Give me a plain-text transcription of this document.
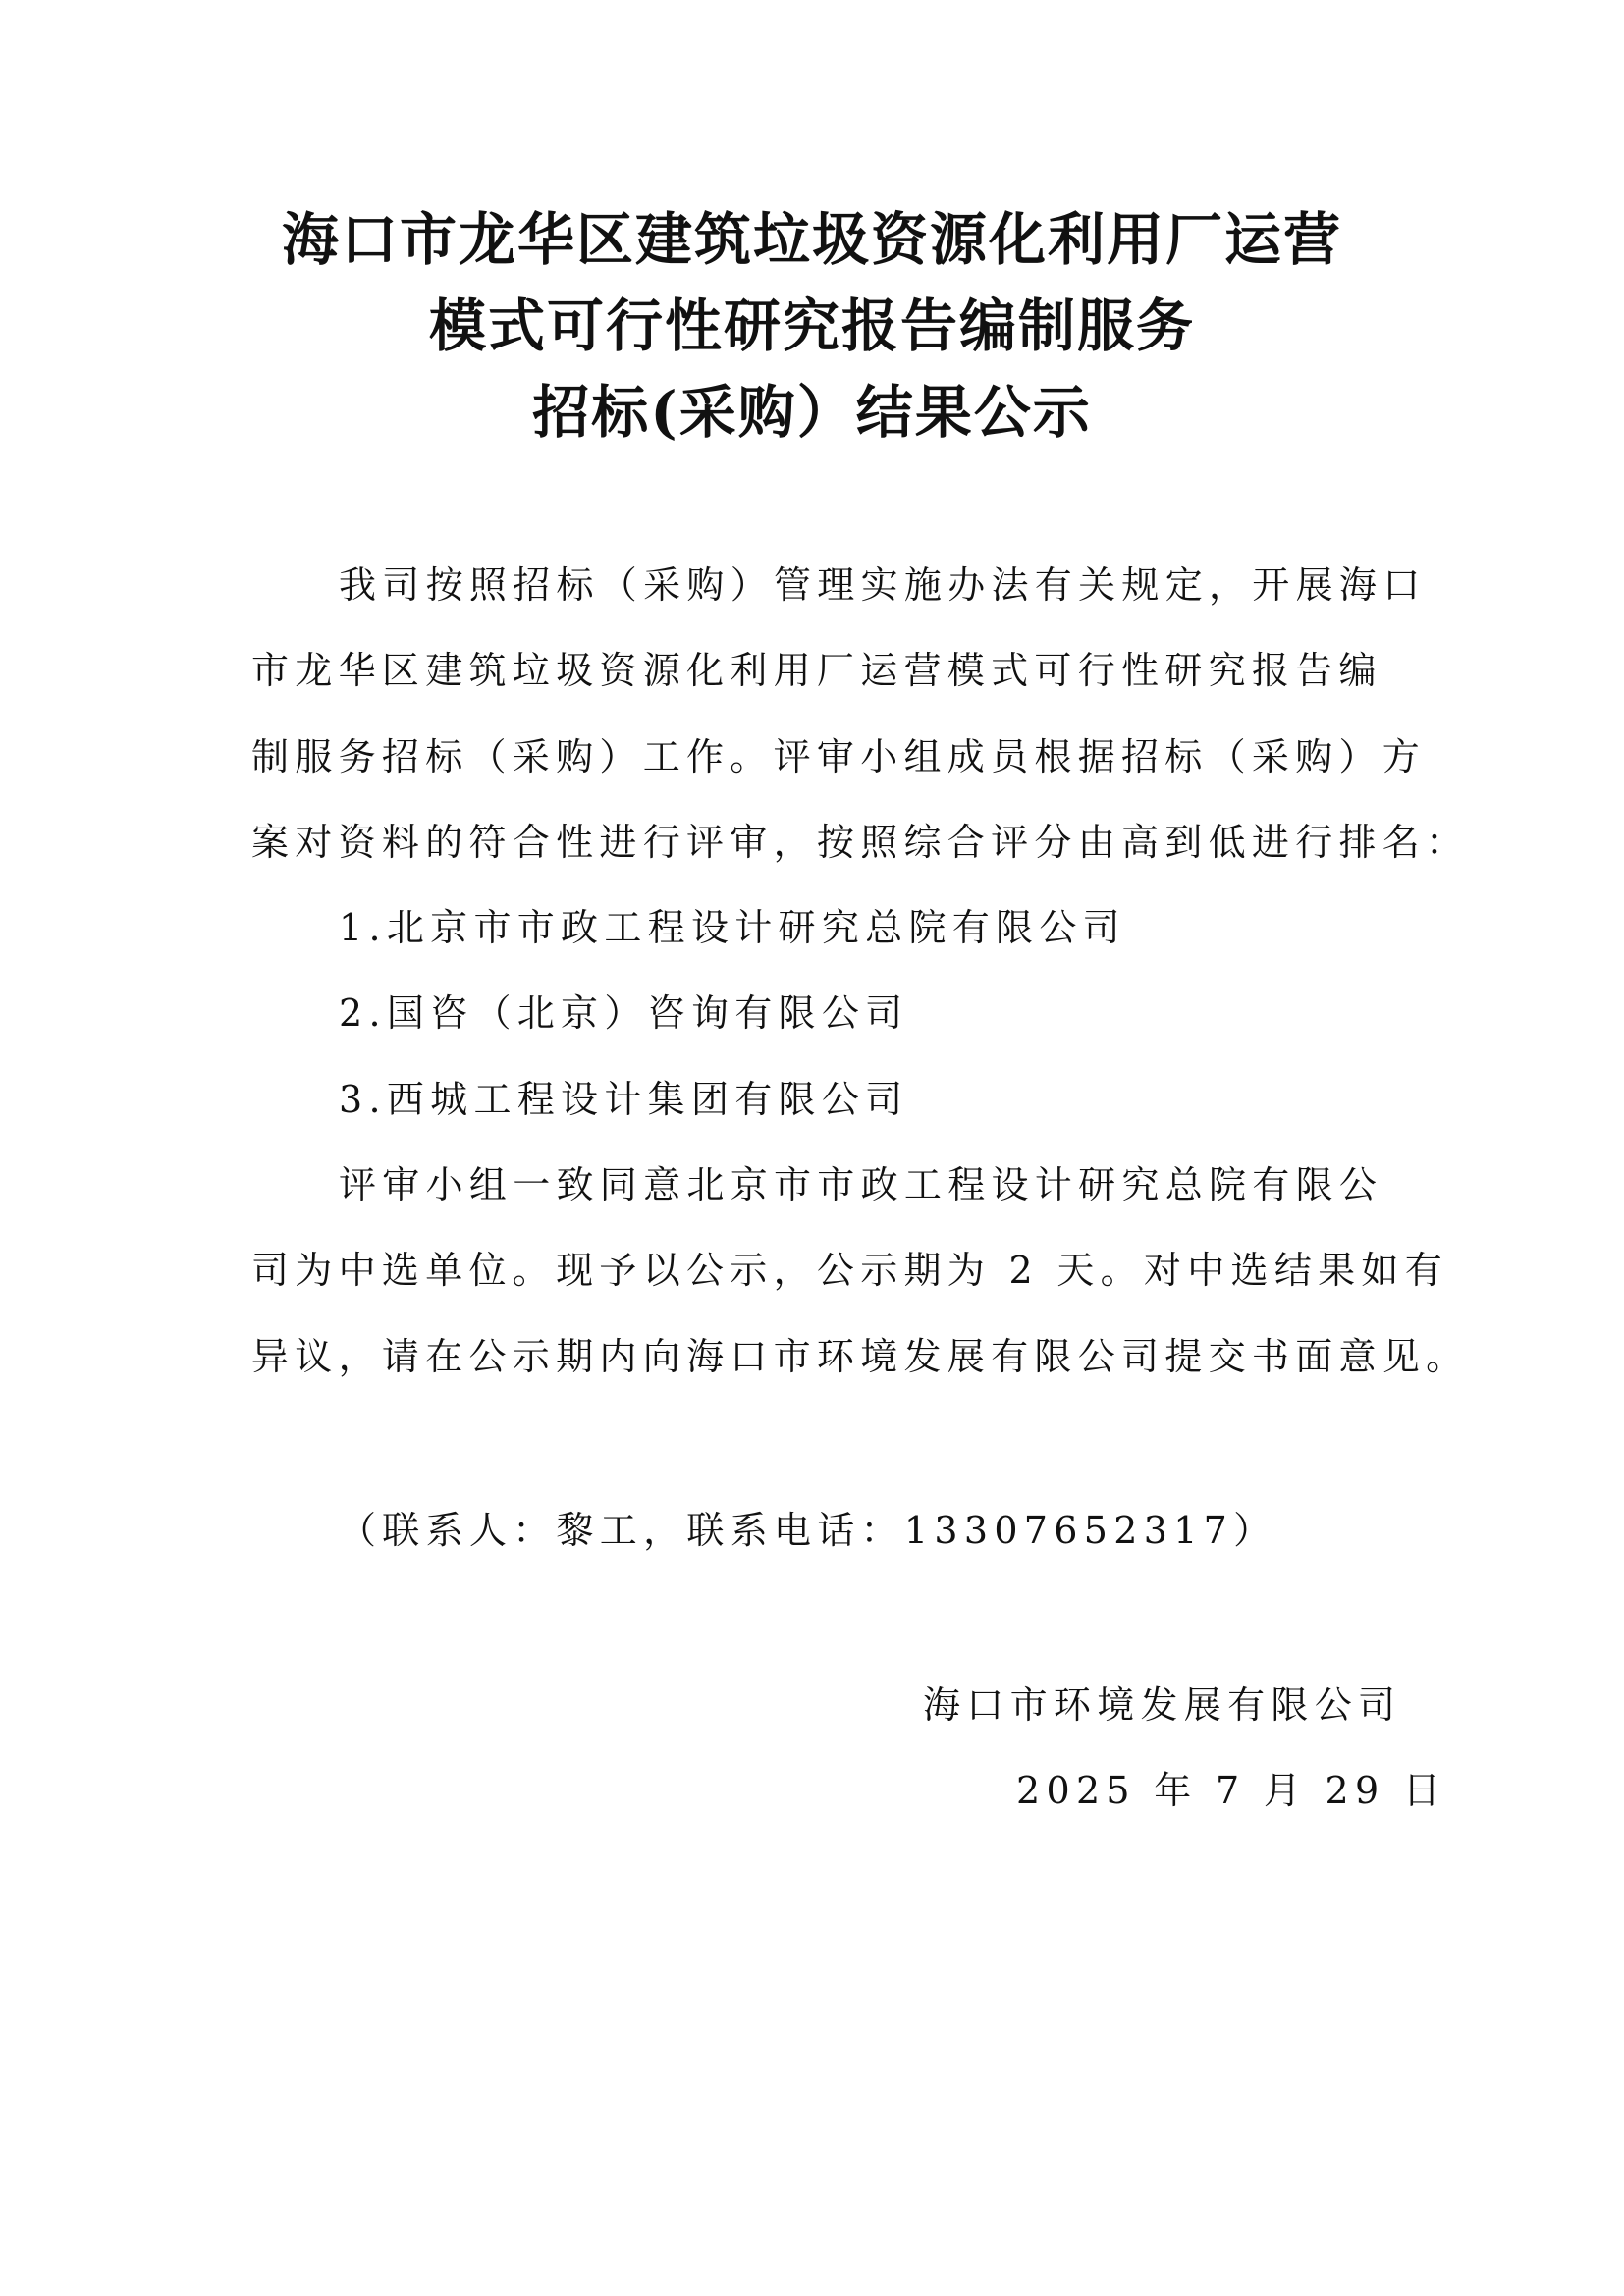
海口市龙华区建筑垃圾资源化利用厂运营
模式可行性研究报告编制服务
招标(采购）结果公示
我司按照招标（采购）管理实施办法有关规定，开展海口
市龙华区建筑垃圾资源化利用厂运营模式可行性研究报告编
制服务招标（采购）工作。评审小组成员根据招标（采购）方
案对资料的符合性进行评审，按照综合评分由高到低进行排名：
1.北京市市政工程设计研究总院有限公司
2.国咨（北京）咨询有限公司
3.西城工程设计集团有限公司
评审小组一致同意北京市市政工程设计研究总院有限公
司为中选单位。现予以公示，公示期为 2 天。对中选结果如有
异议，请在公示期内向海口市环境发展有限公司提交书面意见。
（联系人：黎工，联系电话：13307652317）
海口市环境发展有限公司
2025 年 7 月 29 日
